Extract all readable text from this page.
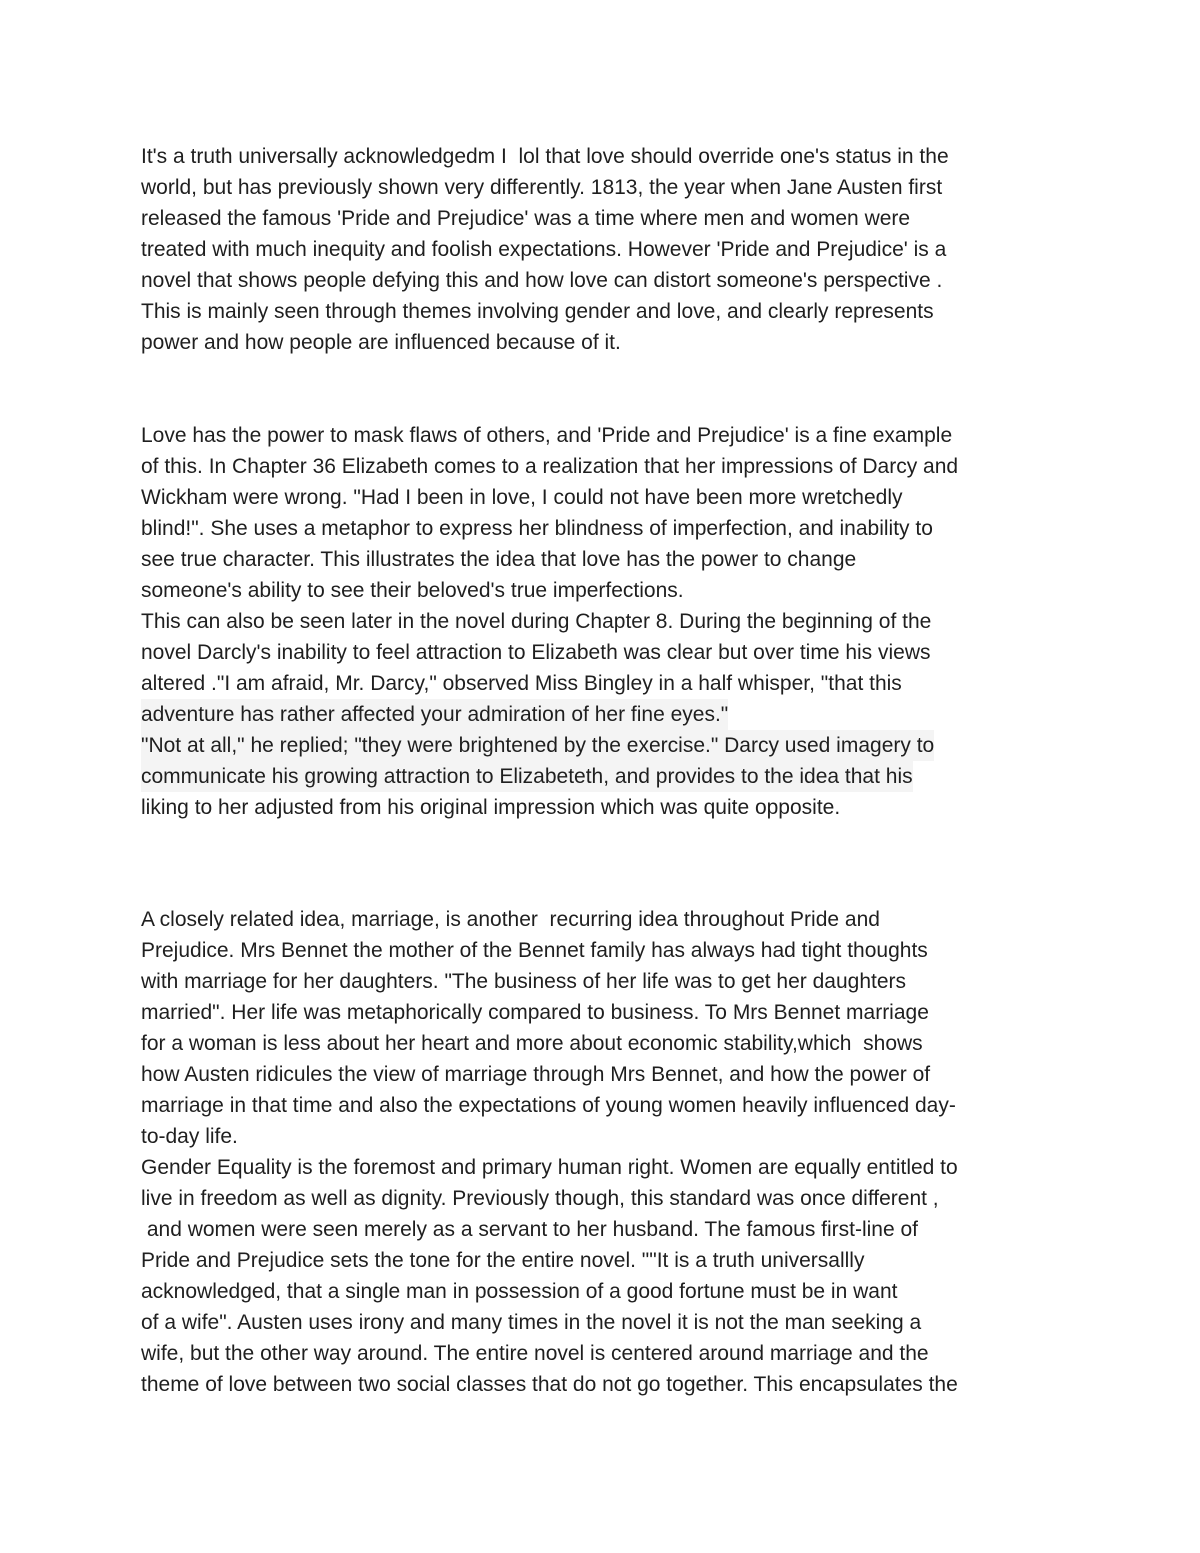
It's a truth universally acknowledgedm I  lol that love should override one's status in the
world, but has previously shown very differently. 1813, the year when Jane Austen first
released the famous 'Pride and Prejudice' was a time where men and women were
treated with much inequity and foolish expectations. However 'Pride and Prejudice' is a
novel that shows people defying this and how love can distort someone's perspective .
This is mainly seen through themes involving gender and love, and clearly represents
power and how people are influenced because of it.
Love has the power to mask flaws of others, and 'Pride and Prejudice' is a fine example
of this. In Chapter 36 Elizabeth comes to a realization that her impressions of Darcy and
Wickham were wrong. "Had I been in love, I could not have been more wretchedly
blind!". She uses a metaphor to express her blindness of imperfection, and inability to
see true character. This illustrates the idea that love has the power to change
someone's ability to see their beloved's true imperfections.
This can also be seen later in the novel during Chapter 8. During the beginning of the
novel Darcly's inability to feel attraction to Elizabeth was clear but over time his views
altered ."I am afraid, Mr. Darcy," observed Miss Bingley in a half whisper, "that this
adventure has rather affected your admiration of her fine eyes."
"Not at all," he replied; "they were brightened by the exercise." Darcy used imagery to
communicate his growing attraction to Elizabeteth, and provides to the idea that his
liking to her adjusted from his original impression which was quite opposite.
A closely related idea, marriage, is another  recurring idea throughout Pride and
Prejudice. Mrs Bennet the mother of the Bennet family has always had tight thoughts
with marriage for her daughters. "The business of her life was to get her daughters
married". Her life was metaphorically compared to business. To Mrs Bennet marriage
for a woman is less about her heart and more about economic stability,which  shows
how Austen ridicules the view of marriage through Mrs Bennet, and how the power of
marriage in that time and also the expectations of young women heavily influenced day-
to-day life.
Gender Equality is the foremost and primary human right. Women are equally entitled to
live in freedom as well as dignity. Previously though, this standard was once different ,
and women were seen merely as a servant to her husband. The famous first-line of
Pride and Prejudice sets the tone for the entire novel. ""It is a truth universallly
acknowledged, that a single man in possession of a good fortune must be in want
of a wife". Austen uses irony and many times in the novel it is not the man seeking a
wife, but the other way around. The entire novel is centered around marriage and the
theme of love between two social classes that do not go together. This encapsulates the
